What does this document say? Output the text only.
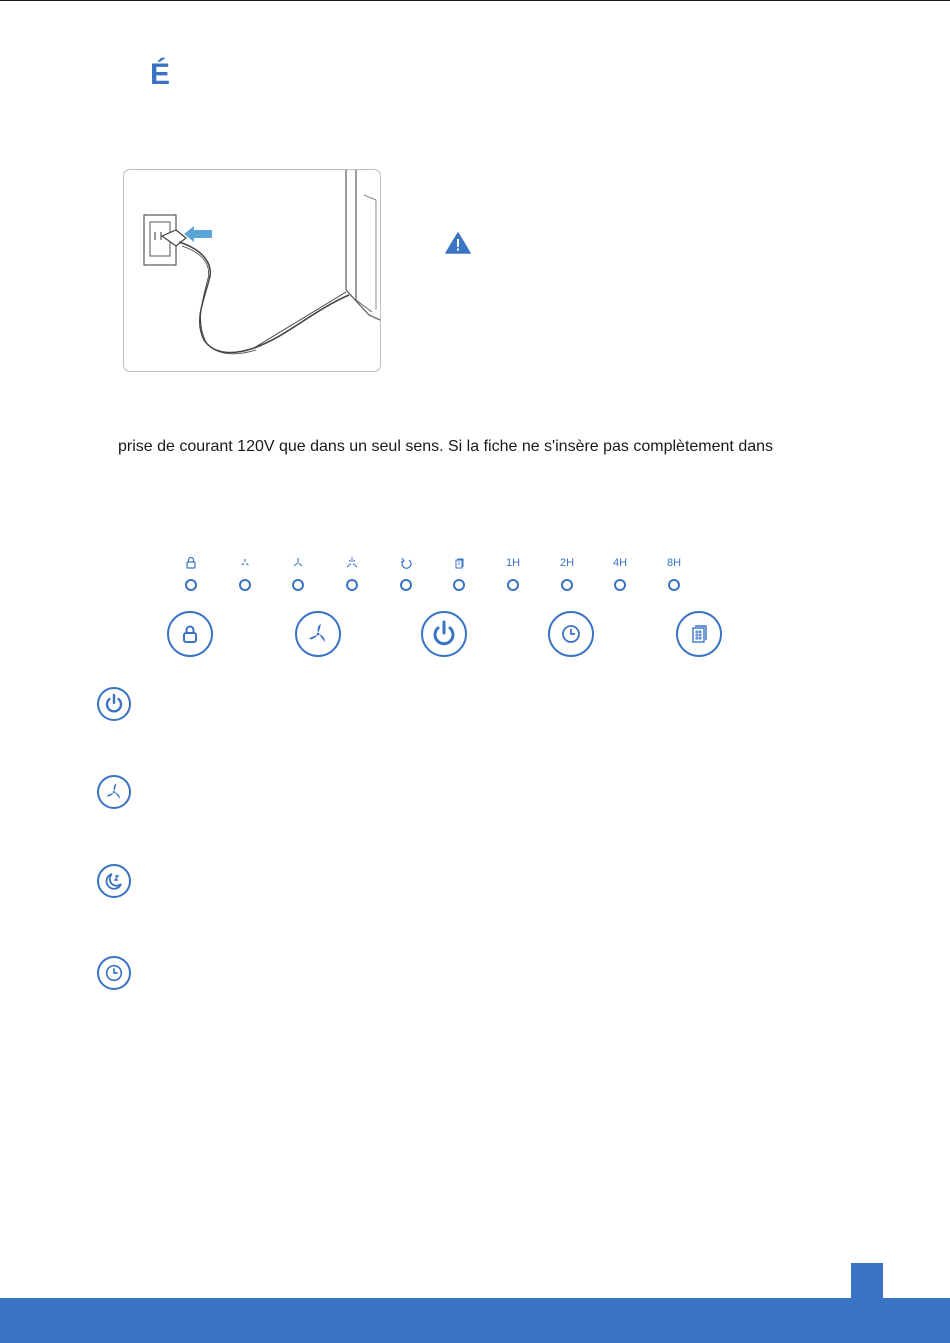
É
prise de courant 120V que dans un seul sens. Si la fiche ne s'insère pas complètement dans
1H	2H	4H	8H
